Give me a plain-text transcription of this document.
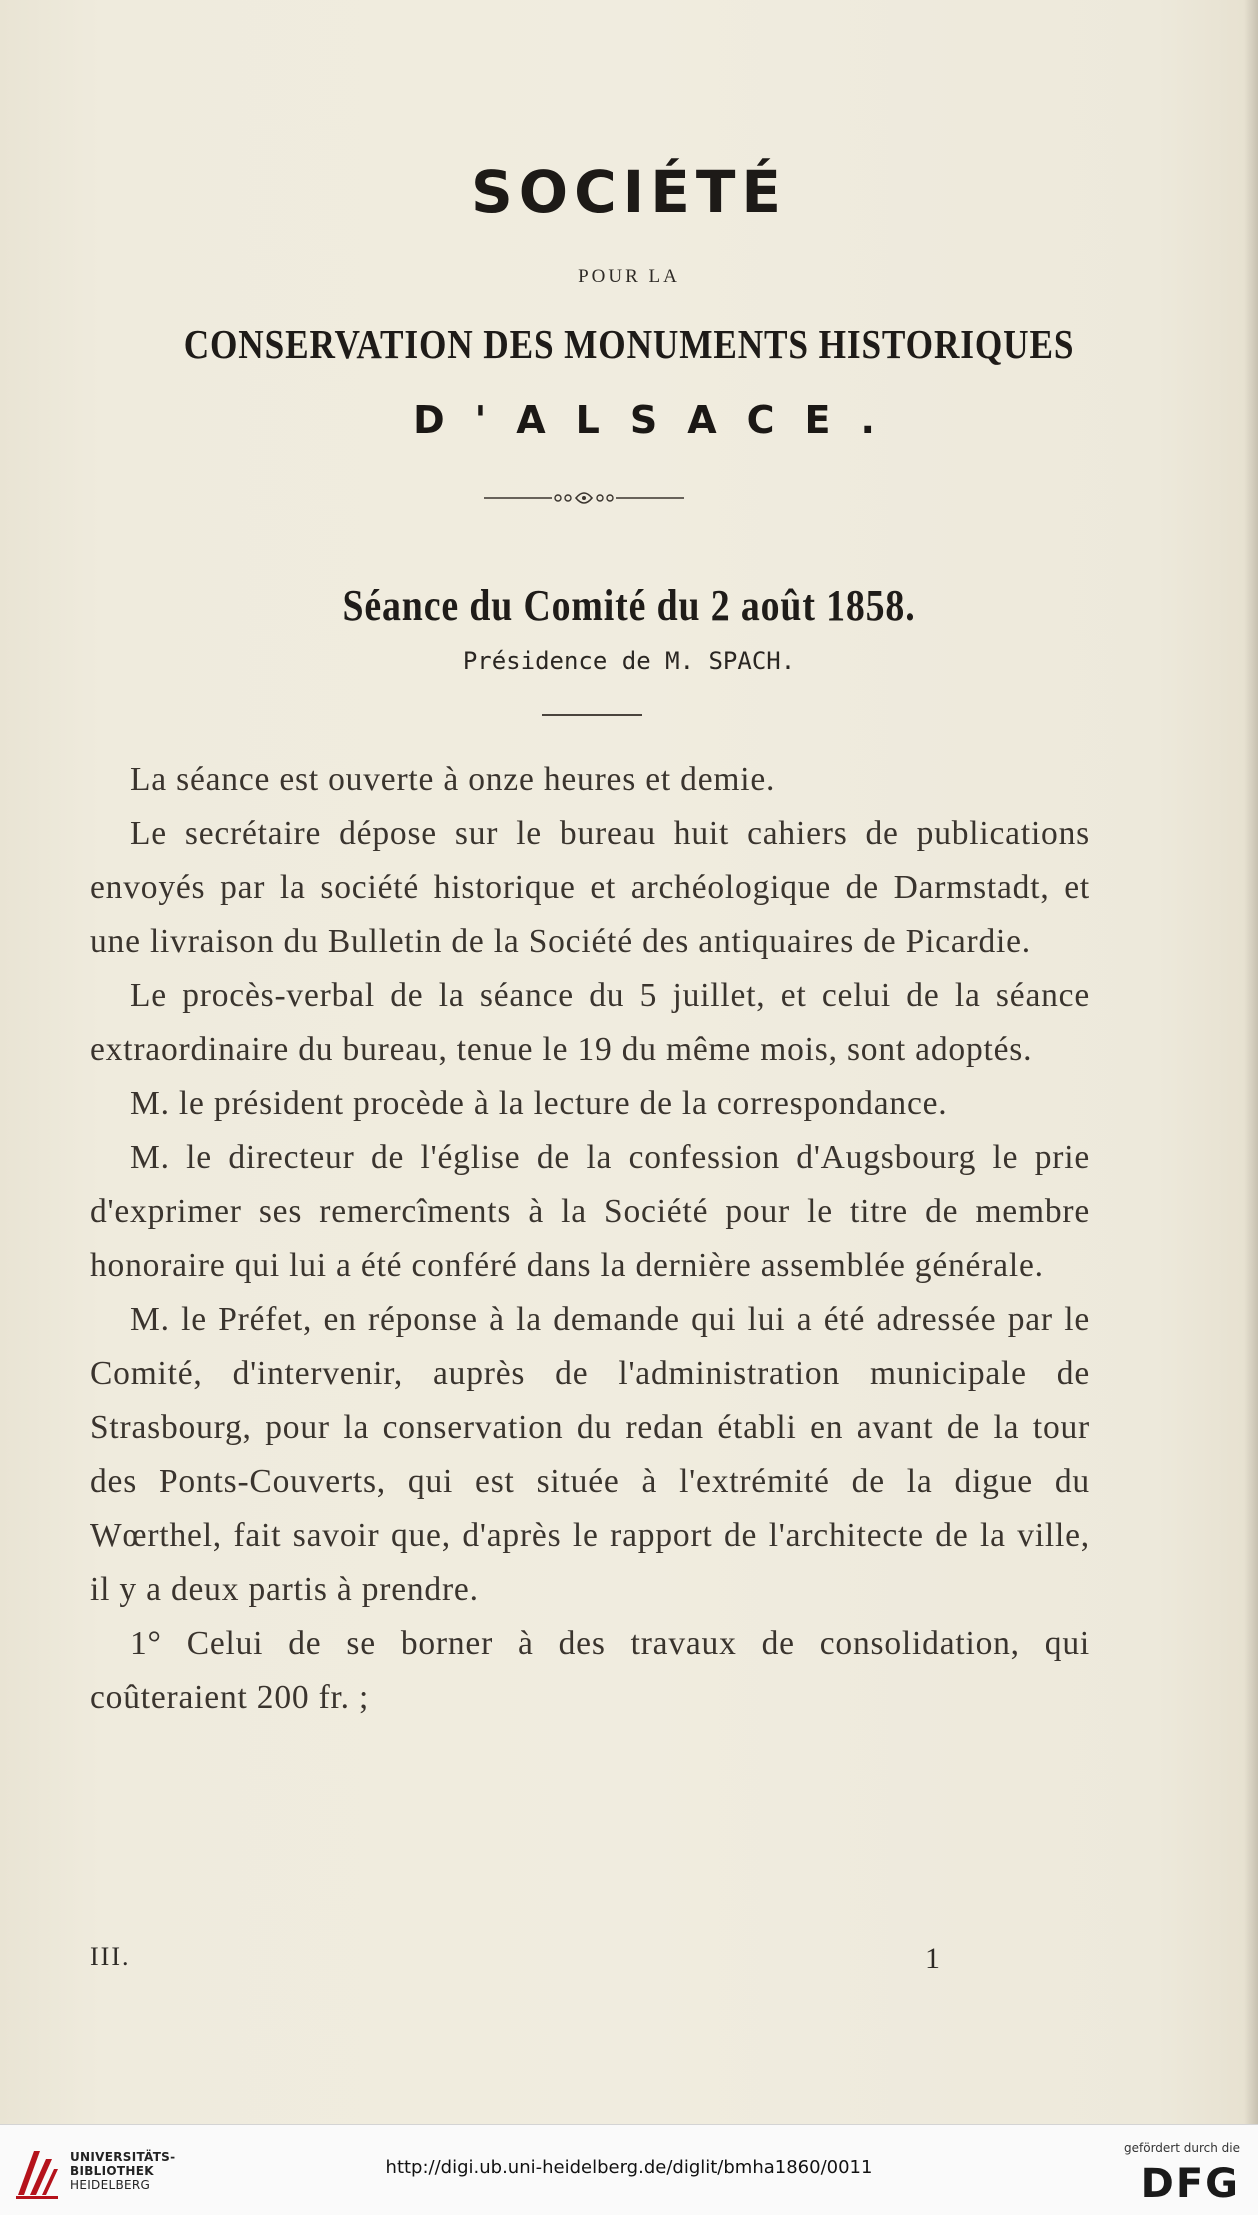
SOCIÉTÉ
POUR LA
CONSERVATION DES MONUMENTS HISTORIQUES
D'ALSACE.
Séance du Comité du 2 août 1858.
Présidence de M. SPACH.

La séance est ouverte à onze heures et demie.

Le secrétaire dépose sur le bureau huit cahiers de publications envoyés par la société historique et archéologique de Darmstadt, et une livraison du Bulletin de la Société des antiquaires de Picardie.

Le procès-verbal de la séance du 5 juillet, et celui de la séance extraordinaire du bureau, tenue le 19 du même mois, sont adoptés.

M. le président procède à la lecture de la correspondance.

M. le directeur de l'église de la confession d'Augsbourg le prie d'exprimer ses remercîments à la Société pour le titre de membre honoraire qui lui a été conféré dans la dernière assemblée générale.

M. le Préfet, en réponse à la demande qui lui a été adressée par le Comité, d'intervenir, auprès de l'administration municipale de Strasbourg, pour la conservation du redan établi en avant de la tour des Ponts-Couverts, qui est située à l'extrémité de la digue du Wœrthel, fait savoir que, d'après le rapport de l'architecte de la ville, il y a deux partis à prendre.

1° Celui de se borner à des travaux de consolidation, qui coûteraient 200 fr. ;

III.	1
UNIVERSITÄTS-
BIBLIOTHEK
HEIDELBERG
http://digi.ub.uni-heidelberg.de/diglit/bmha1860/0011
gefördert durch die
DFG
